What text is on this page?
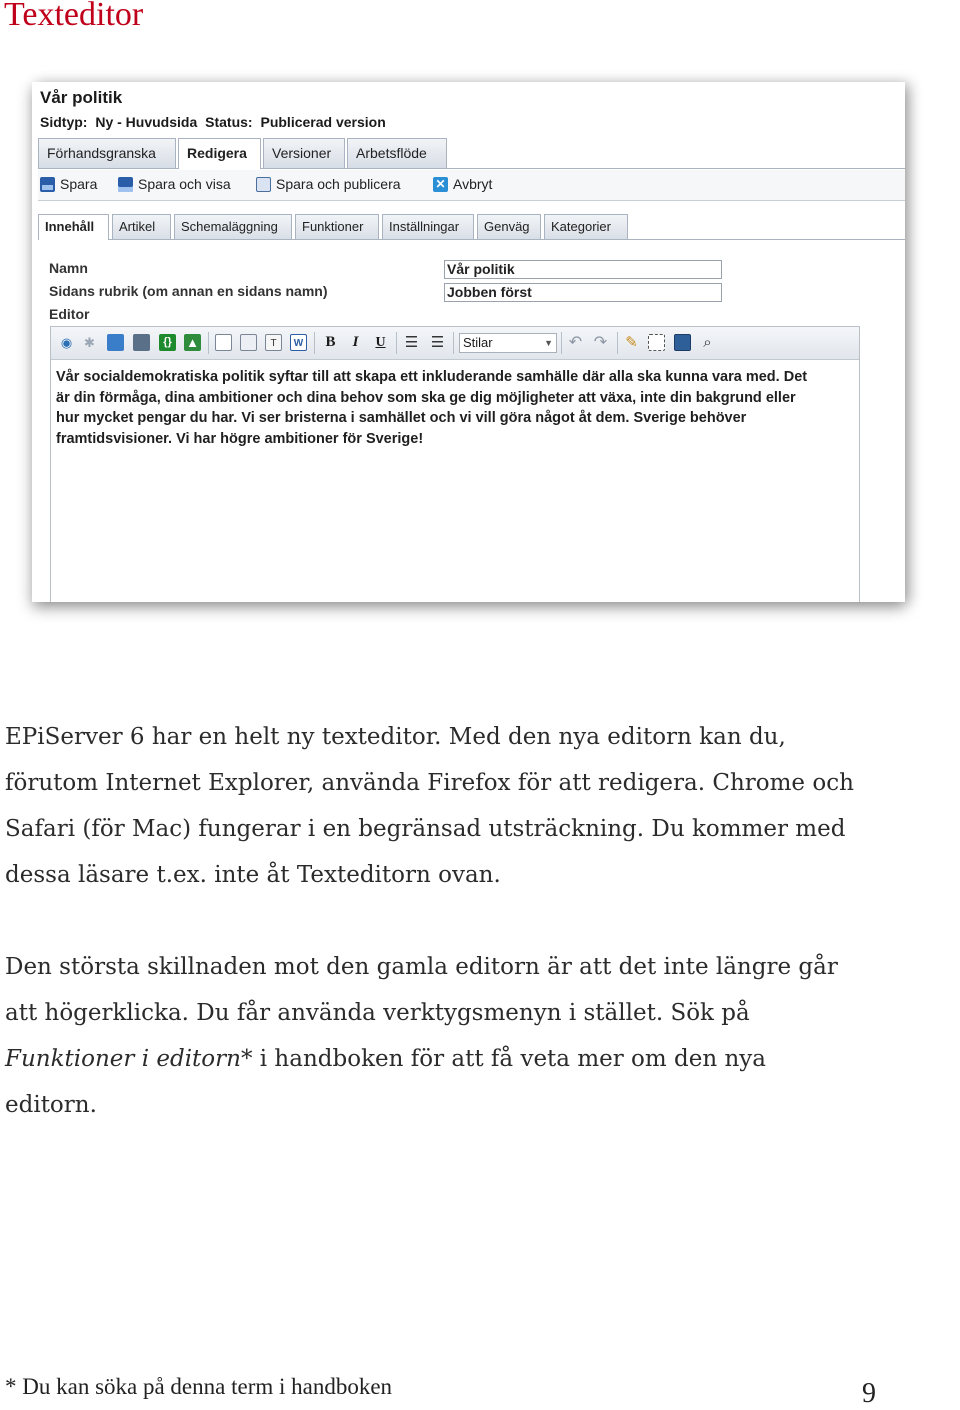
Texteditor
Vår politik
Sidtyp: Ny - Huvudsida Status: Publicerad version
Förhandsgranska	Redigera	Versioner	Arbetsflöde
Spara	Spara och visa	Spara och publicera	✕ Avbryt
Innehåll	Artikel	Schemaläggning	Funktioner	Inställningar	Genväg	Kategorier
Namn	Vår politik
Sidans rubrik (om annan en sidans namn)	Jobben först
Editor
◉ ✱	{}	▲	T	W B	I	U ☰ ☰	Stilar	▼ ↶ ↷ ✎	⌕
Vår socialdemokratiska politik syftar till att skapa ett inkluderande samhälle där alla ska kunna vara med. Det
är din förmåga, dina ambitioner och dina behov som ska ge dig möjligheter att växa, inte din bakgrund eller
hur mycket pengar du har. Vi ser bristerna i samhället och vi vill göra något åt dem. Sverige behöver
framtidsvisioner. Vi har högre ambitioner för Sverige!
EPiServer 6 har en helt ny texteditor. Med den nya editorn kan du,
förutom Internet Explorer, använda Firefox för att redigera. Chrome och
Safari (för Mac) fungerar i en begränsad utsträckning. Du kommer med
dessa läsare t.ex. inte åt Texteditorn ovan.
Den största skillnaden mot den gamla editorn är att det inte längre går
att högerklicka. Du får använda verktygsmenyn i stället. Sök på
Funktioner i editorn* i handboken för att få veta mer om den nya
editorn.
* Du kan söka på denna term i handboken	9
